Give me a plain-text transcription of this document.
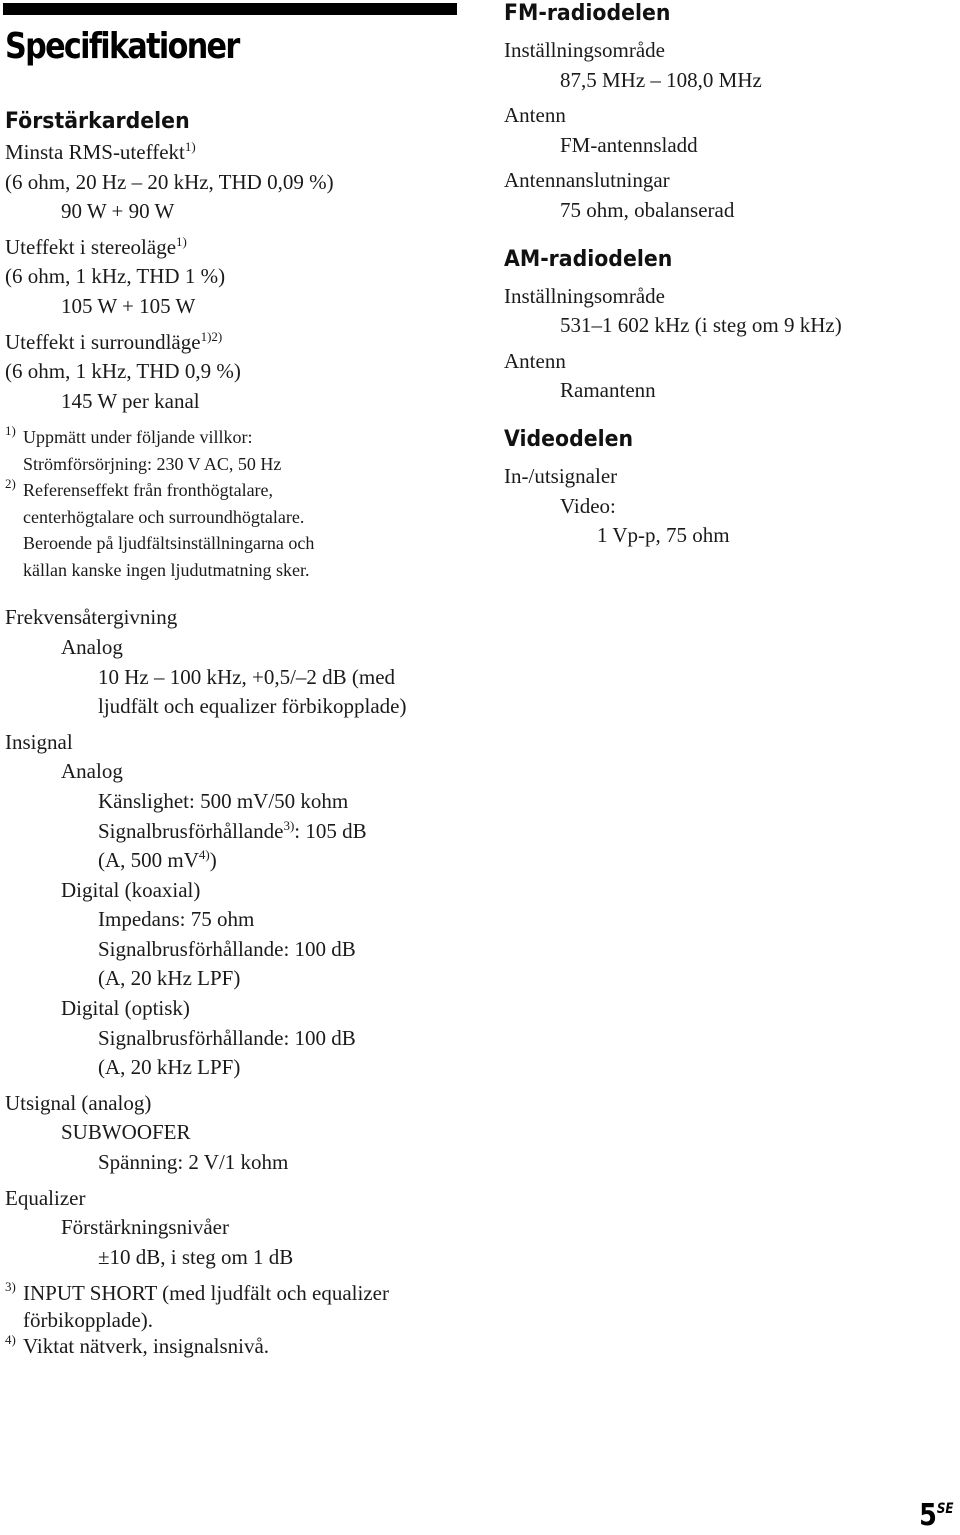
Specifikationer
Förstärkardelen
Minsta RMS-uteffekt$^{1)}$
(6 ohm, 20 Hz – 20 kHz, THD 0,09 %)
90 W + 90 W
Uteffekt i stereoläge$^{1)}$
(6 ohm, 1 kHz, THD 1 %)
105 W + 105 W
Uteffekt i surroundläge$^{1)2)}$
(6 ohm, 1 kHz, THD 0,9 %)
145 W per kanal
1) Uppmätt under följande villkor:
Strömförsörjning: 230 V AC, 50 Hz
2) Referenseffekt från fronthögtalare,
centerhögtalare och surroundhögtalare.
Beroende på ljudfältsinställningarna och
källan kanske ingen ljudutmatning sker.
Frekvensåtergivning
Analog
10 Hz – 100 kHz, +0,5/–2 dB (med
ljudfält och equalizer förbikopplade)
Insignal
Analog
Känslighet: 500 mV/50 kohm
Signalbrusförhållande$^{3)}$: 105 dB
(A, 500 $mV^{4)}$)
Digital (koaxial)
Impedans: 75 ohm
Signalbrusförhållande: 100 dB
(A, 20 kHz LPF)
Digital (optisk)
Signalbrusförhållande: 100 dB
(A, 20 kHz LPF)
Utsignal (analog)
SUBWOOFER
Spänning: 2 V/1 kohm
Equalizer
Förstärkningsnivåer
±10 dB, i steg om 1 dB
3) INPUT SHORT (med ljudfält och equalizer
förbikopplade).
4) Viktat nätverk, insignalsnivå.
FM-radiodelen
Inställningsområde
87,5 MHz – 108,0 MHz
Antenn
FM-antennsladd
Antennanslutningar
75 ohm, obalanserad
AM-radiodelen
Inställningsområde
531–1 602 kHz (i steg om 9 kHz)
Antenn
Ramantenn
Videodelen
In-/utsignaler
Video:
1 Vp-p, 75 ohm
$5^{SE}$
